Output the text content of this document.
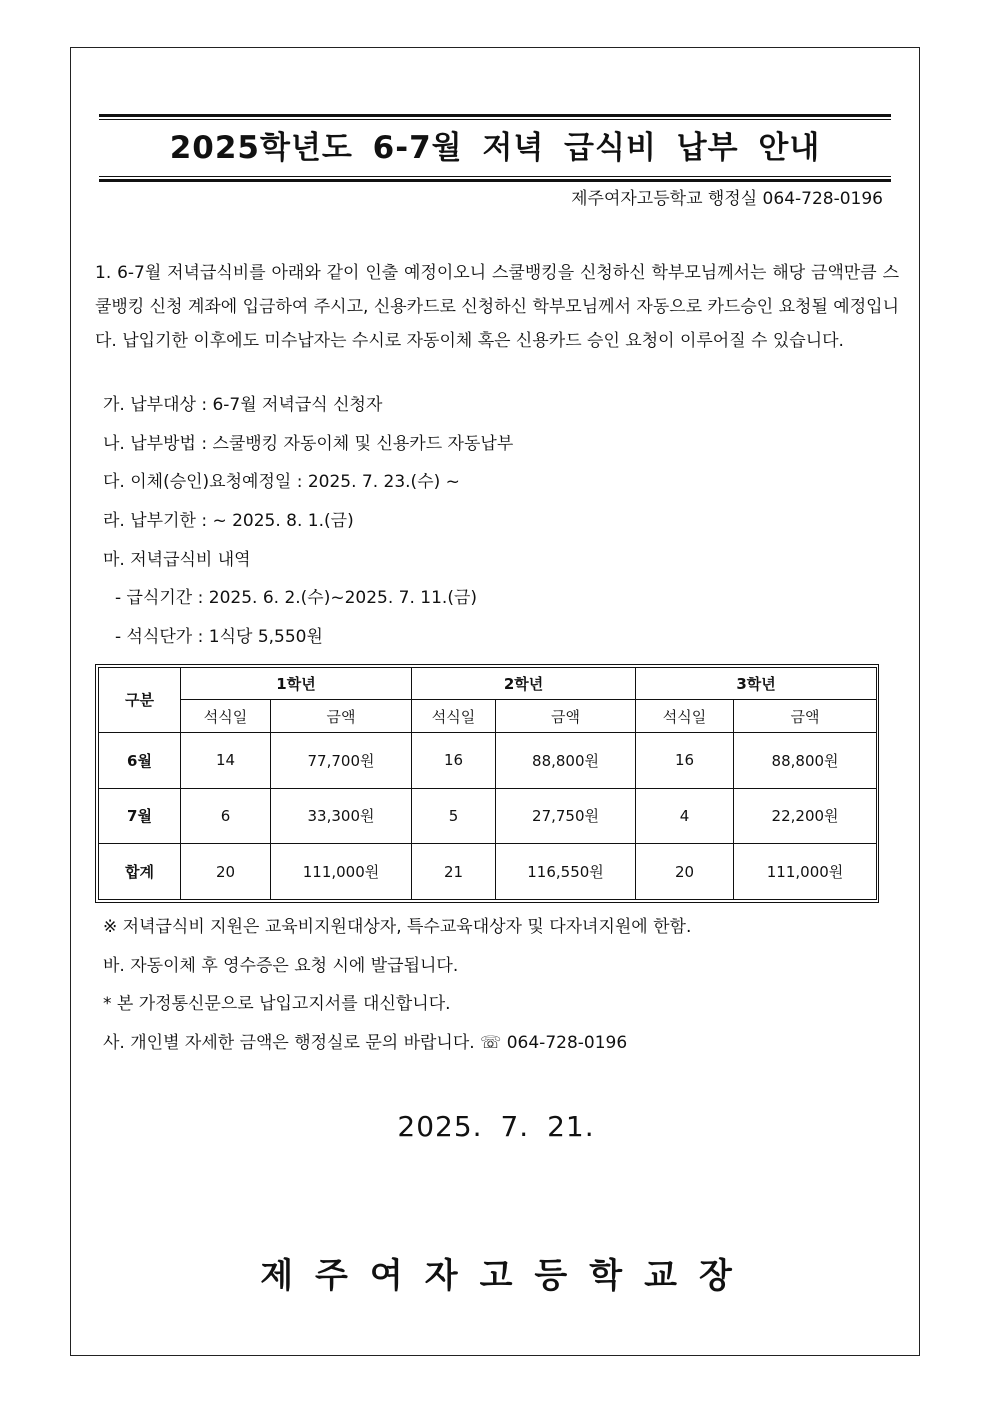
2025학년도 6-7월 저녁 급식비 납부 안내
제주여자고등학교 행정실 064-728-0196
1. 6-7월 저녁급식비를 아래와 같이 인출 예정이오니 스쿨뱅킹을 신청하신 학부모님께서는 해당 금액만큼 스쿨뱅킹 신청 계좌에 입금하여 주시고, 신용카드로 신청하신 학부모님께서 자동으로 카드승인 요청될 예정입니다. 납입기한 이후에도 미수납자는 수시로 자동이체 혹은 신용카드 승인 요청이 이루어질 수 있습니다.
가. 납부대상 : 6-7월 저녁급식 신청자
나. 납부방법 : 스쿨뱅킹 자동이체 및 신용카드 자동납부
다. 이체(승인)요청예정일 : 2025. 7. 23.(수) ~
라. 납부기한 : ~ 2025. 8. 1.(금)
마. 저녁급식비 내역
- 급식기간 : 2025. 6. 2.(수)~2025. 7. 11.(금)
- 석식단가 : 1식당 5,550원
구분	1학년		2학년		3학년	
	석식일	금액	석식일	금액	석식일	금액
6월	14	77,700원	16	88,800원	16	88,800원
7월	6	33,300원	5	27,750원	4	22,200원
합계	20	111,000원	21	116,550원	20	111,000원
※ 저녁급식비 지원은 교육비지원대상자, 특수교육대상자 및 다자녀지원에 한함.
바. 자동이체 후 영수증은 요청 시에 발급됩니다.
* 본 가정통신문으로 납입고지서를 대신합니다.
사. 개인별 자세한 금액은 행정실로 문의 바랍니다. ☏ 064-728-0196
2025. 7. 21.
제주여자고등학교장
